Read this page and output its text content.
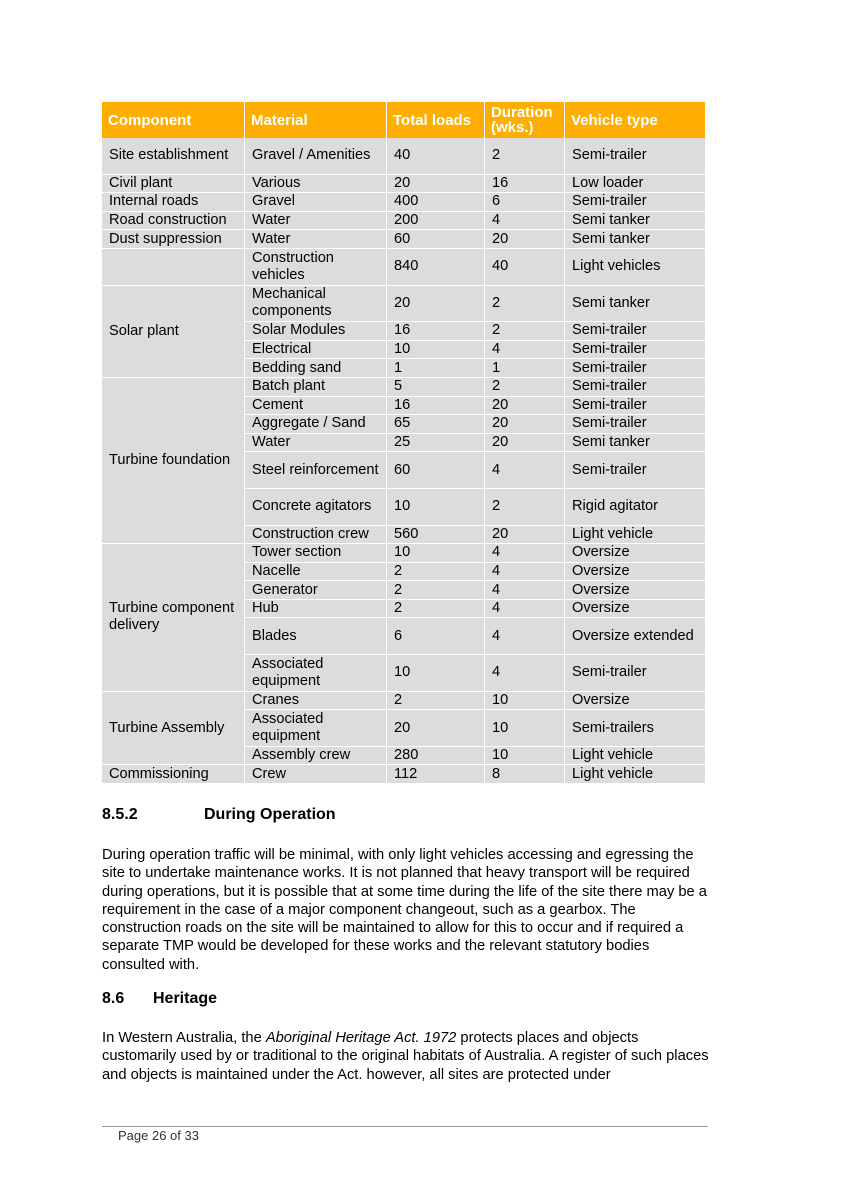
Component	Material	Total loads	Duration (wks.)	Vehicle type
Site establishment	Gravel / Amenities	40	2	Semi-trailer
Civil plant	Various	20	16	Low loader
Internal roads	Gravel	400	6	Semi-trailer
Road construction	Water	200	4	Semi tanker
Dust suppression	Water	60	20	Semi tanker
	Construction vehicles	840	40	Light vehicles
Solar plant	Mechanical components	20	2	Semi tanker
	Solar Modules	16	2	Semi-trailer
	Electrical	10	4	Semi-trailer
	Bedding sand	1	1	Semi-trailer
Turbine foundation	Batch plant	5	2	Semi-trailer
	Cement	16	20	Semi-trailer
	Aggregate / Sand	65	20	Semi-trailer
	Water	25	20	Semi tanker
	Steel reinforcement	60	4	Semi-trailer
	Concrete agitators	10	2	Rigid agitator
	Construction crew	560	20	Light vehicle
Turbine component delivery	Tower section	10	4	Oversize
	Nacelle	2	4	Oversize
	Generator	2	4	Oversize
	Hub	2	4	Oversize
	Blades	6	4	Oversize extended
	Associated equipment	10	4	Semi-trailer
Turbine Assembly	Cranes	2	10	Oversize
	Associated equipment	20	10	Semi-trailers
	Assembly crew	280	10	Light vehicle
Commissioning	Crew	112	8	Light vehicle
8.5.2	During Operation

During operation traffic will be minimal, with only light vehicles accessing and egressing the site to undertake maintenance works. It is not planned that heavy transport will be required during operations, but it is possible that at some time during the life of the site there may be a requirement in the case of a major component changeout, such as a gearbox. The construction roads on the site will be maintained to allow for this to occur and if required a separate TMP would be developed for these works and the relevant statutory bodies consulted with.

8.6 Heritage

In Western Australia, the Aboriginal Heritage Act. 1972 protects places and objects customarily used by or traditional to the original habitats of Australia. A register of such places and objects is maintained under the Act. however, all sites are protected under

Page 26 of 33
